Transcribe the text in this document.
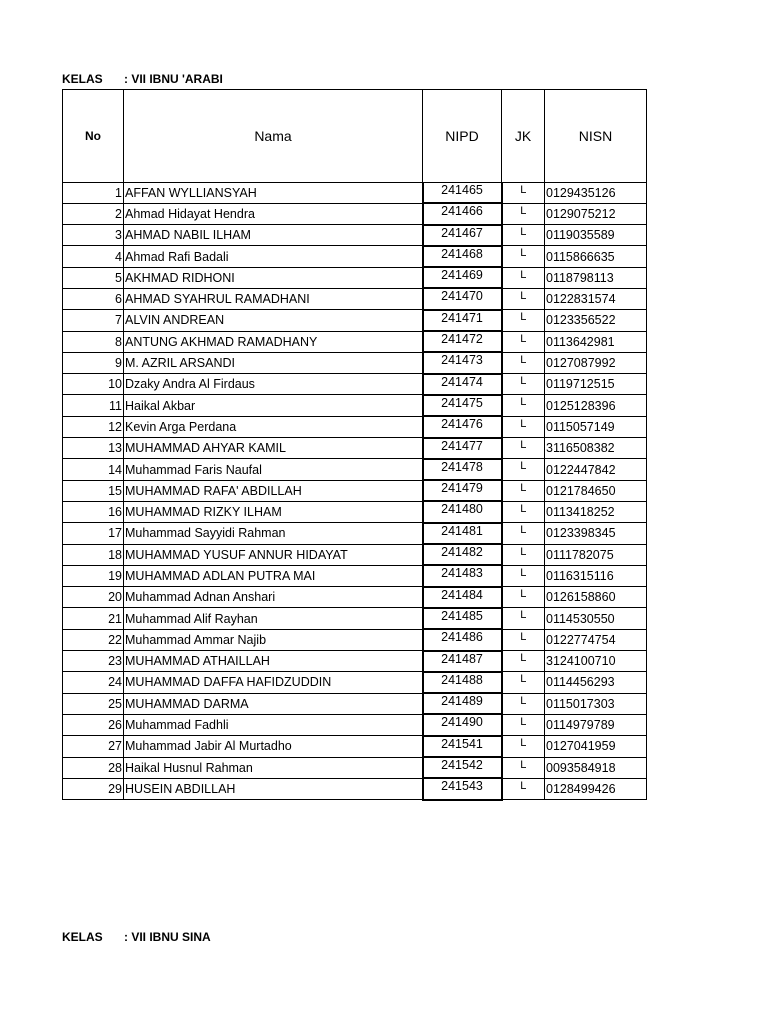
KELAS : VII IBNU 'ARABI
No	Nama	NIPD	JK	NISN
1	AFFAN WYLLIANSYAH	241465	L	0129435126
2	Ahmad Hidayat Hendra	241466	L	0129075212
3	AHMAD NABIL ILHAM	241467	L	0119035589
4	Ahmad Rafi Badali	241468	L	0115866635
5	AKHMAD RIDHONI	241469	L	0118798113
6	AHMAD SYAHRUL RAMADHANI	241470	L	0122831574
7	ALVIN ANDREAN	241471	L	0123356522
8	ANTUNG AKHMAD RAMADHANY	241472	L	0113642981
9	M. AZRIL ARSANDI	241473	L	0127087992
10	Dzaky Andra Al Firdaus	241474	L	0119712515
11	Haikal Akbar	241475	L	0125128396
12	Kevin Arga Perdana	241476	L	0115057149
13	MUHAMMAD AHYAR KAMIL	241477	L	3116508382
14	Muhammad Faris Naufal	241478	L	0122447842
15	MUHAMMAD RAFA' ABDILLAH	241479	L	0121784650
16	MUHAMMAD RIZKY ILHAM	241480	L	0113418252
17	Muhammad Sayyidi Rahman	241481	L	0123398345
18	MUHAMMAD YUSUF ANNUR HIDAYAT	241482	L	0111782075
19	MUHAMMAD ADLAN PUTRA MAI	241483	L	0116315116
20	Muhammad Adnan Anshari	241484	L	0126158860
21	Muhammad Alif Rayhan	241485	L	0114530550
22	Muhammad Ammar Najib	241486	L	0122774754
23	MUHAMMAD ATHAILLAH	241487	L	3124100710
24	MUHAMMAD DAFFA HAFIDZUDDIN	241488	L	0114456293
25	MUHAMMAD DARMA	241489	L	0115017303
26	Muhammad Fadhli	241490	L	0114979789
27	Muhammad Jabir Al Murtadho	241541	L	0127041959
28	Haikal Husnul Rahman	241542	L	0093584918
29	HUSEIN ABDILLAH	241543	L	0128499426
KELAS : VII IBNU SINA
